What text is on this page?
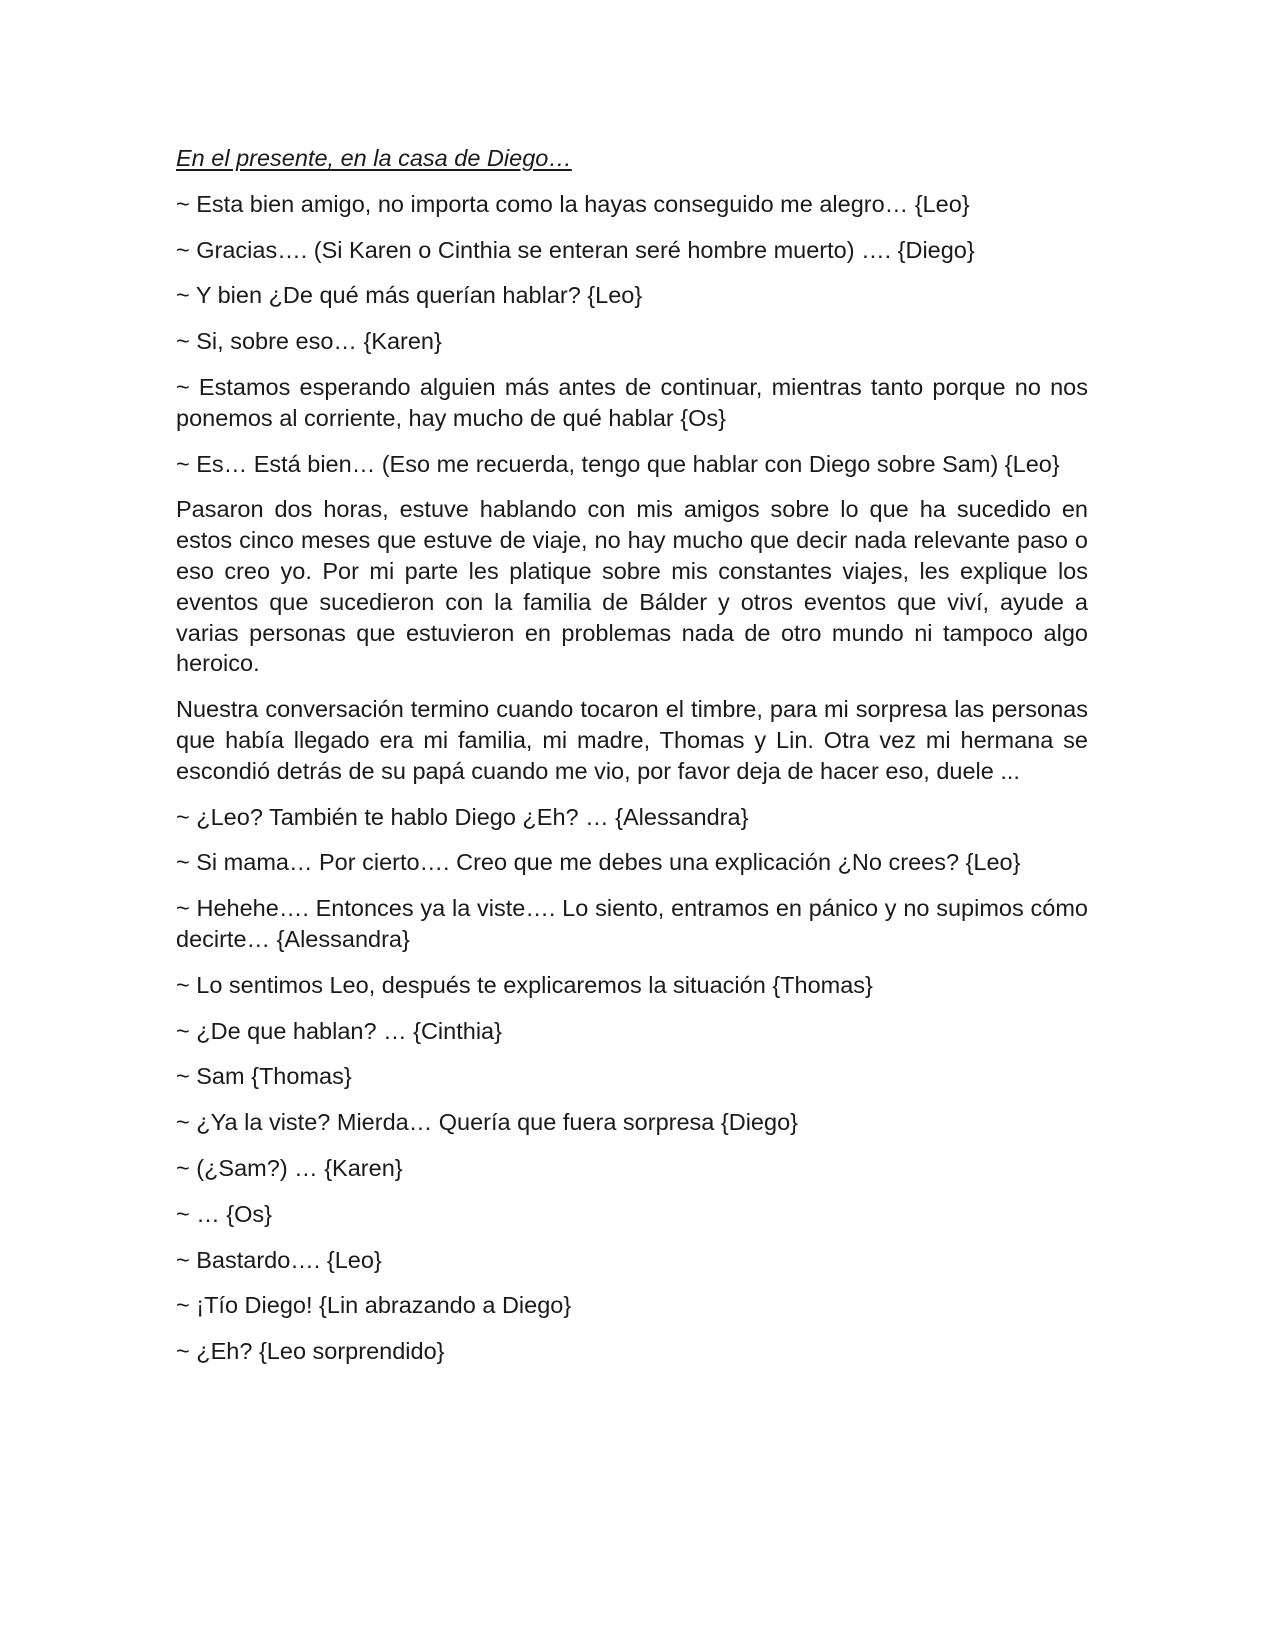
En el presente, en la casa de Diego…

~ Esta bien amigo, no importa como la hayas conseguido me alegro… {Leo}

~ Gracias…. (Si Karen o Cinthia se enteran seré hombre muerto) …. {Diego}

~ Y bien ¿De qué más querían hablar? {Leo}

~ Si, sobre eso… {Karen}

~ Estamos esperando alguien más antes de continuar, mientras tanto porque no nos ponemos al corriente, hay mucho de qué hablar {Os}

~ Es… Está bien… (Eso me recuerda, tengo que hablar con Diego sobre Sam) {Leo}

Pasaron dos horas, estuve hablando con mis amigos sobre lo que ha sucedido en estos cinco meses que estuve de viaje, no hay mucho que decir nada relevante paso o eso creo yo. Por mi parte les platique sobre mis constantes viajes, les explique los eventos que sucedieron con la familia de Bálder y otros eventos que viví, ayude a varias personas que estuvieron en problemas nada de otro mundo ni tampoco algo heroico.

Nuestra conversación termino cuando tocaron el timbre, para mi sorpresa las personas que había llegado era mi familia, mi madre, Thomas y Lin. Otra vez mi hermana se escondió detrás de su papá cuando me vio, por favor deja de hacer eso, duele ...

~ ¿Leo? También te hablo Diego ¿Eh? … {Alessandra}

~ Si mama… Por cierto…. Creo que me debes una explicación ¿No crees? {Leo}

~ Hehehe…. Entonces ya la viste…. Lo siento, entramos en pánico y no supimos cómo decirte… {Alessandra}

~ Lo sentimos Leo, después te explicaremos la situación {Thomas}

~ ¿De que hablan? … {Cinthia}

~ Sam {Thomas}

~ ¿Ya la viste? Mierda… Quería que fuera sorpresa {Diego}

~ (¿Sam?) … {Karen}

~ … {Os}

~ Bastardo…. {Leo}

~ ¡Tío Diego! {Lin abrazando a Diego}

~ ¿Eh? {Leo sorprendido}
